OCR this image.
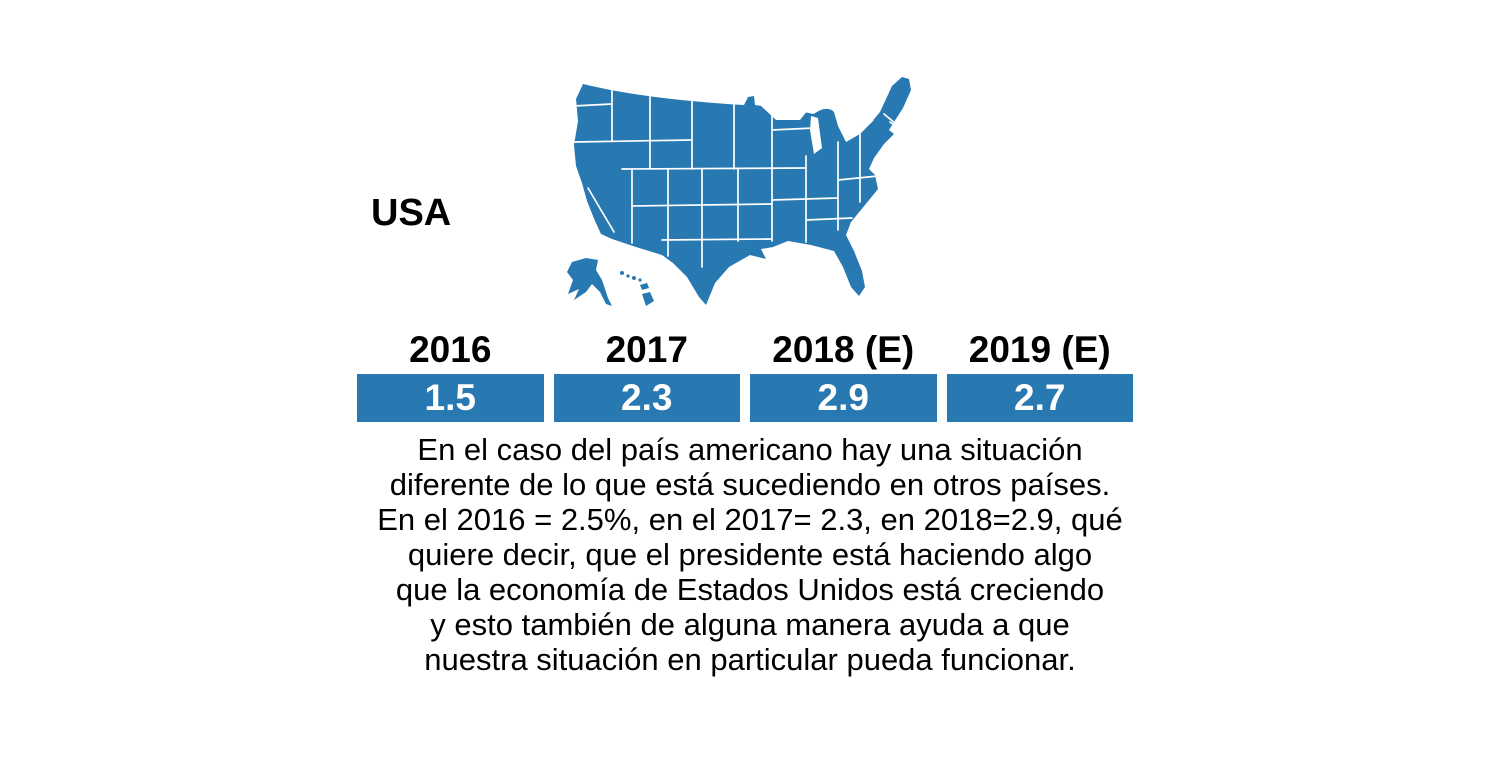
USA
2016	2017	2018 (E)	2019 (E)
1.5	2.3	2.9	2.7
En el caso del país americano hay una situación
diferente de lo que está sucediendo en otros países.
En el 2016 = 2.5%, en el 2017= 2.3, en 2018=2.9, qué
quiere decir, que el presidente está haciendo algo
que la economía de Estados Unidos está creciendo
y esto también de alguna manera ayuda a que
nuestra situación en particular pueda funcionar.
